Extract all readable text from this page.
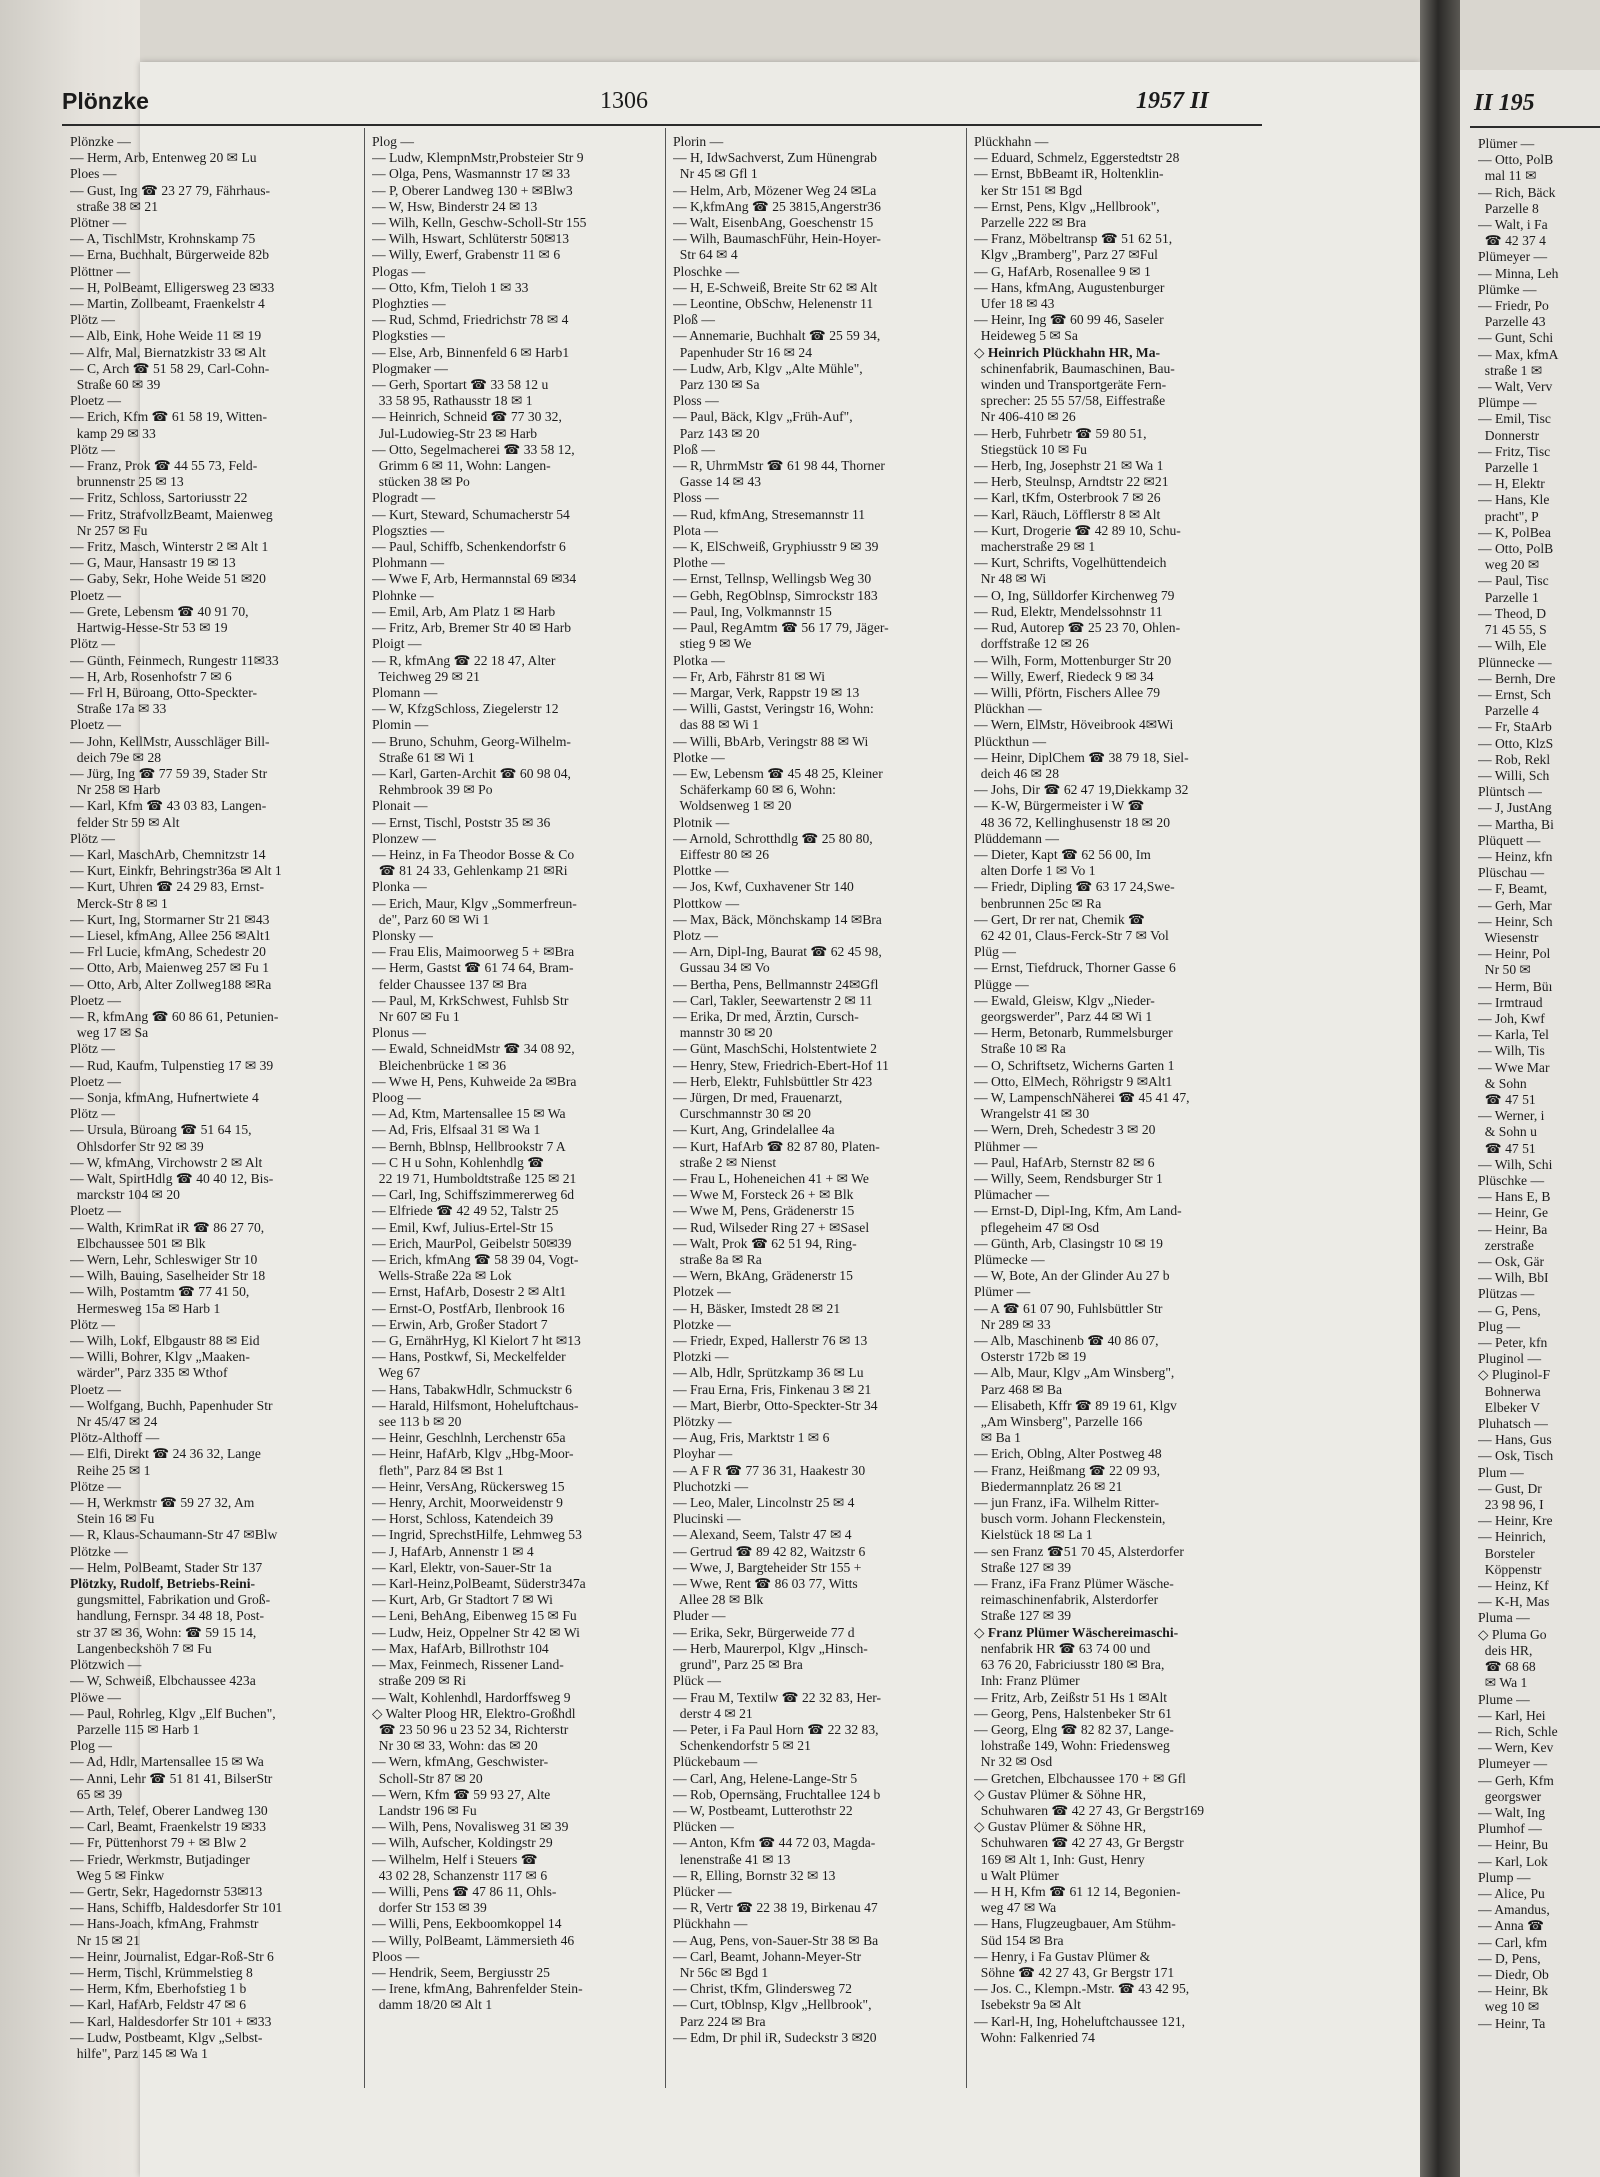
Plönzke	1306	1957 II
Plönzke —
— Herm, Arb, Entenweg 20 ✉ Lu
Ploes —
— Gust, Ing ☎ 23 27 79, Fährhaus-
straße 38 ✉ 21
Plötner —
— A, TischlMstr, Krohnskamp 75
— Erna, Buchhalt, Bürgerweide 82b
Plöttner —
— H, PolBeamt, Elligersweg 23 ✉33
— Martin, Zollbeamt, Fraenkelstr 4
Plötz —
— Alb, Eink, Hohe Weide 11 ✉ 19
— Alfr, Mal, Biernatzkistr 33 ✉ Alt
— C, Arch ☎ 51 58 29, Carl-Cohn-
Straße 60 ✉ 39
Ploetz —
— Erich, Kfm ☎ 61 58 19, Witten-
kamp 29 ✉ 33
Plötz —
— Franz, Prok ☎ 44 55 73, Feld-
brunnenstr 25 ✉ 13
— Fritz, Schloss, Sartoriusstr 22
— Fritz, StrafvollzBeamt, Maienweg
Nr 257 ✉ Fu
— Fritz, Masch, Winterstr 2 ✉ Alt 1
— G, Maur, Hansastr 19 ✉ 13
— Gaby, Sekr, Hohe Weide 51 ✉20
Ploetz —
— Grete, Lebensm ☎ 40 91 70,
Hartwig-Hesse-Str 53 ✉ 19
Plötz —
— Günth, Feinmech, Rungestr 11✉33
— H, Arb, Rosenhofstr 7 ✉ 6
— Frl H, Büroang, Otto-Speckter-
Straße 17a ✉ 33
Ploetz —
— John, KellMstr, Ausschläger Bill-
deich 79e ✉ 28
— Jürg, Ing ☎ 77 59 39, Stader Str
Nr 258 ✉ Harb
— Karl, Kfm ☎ 43 03 83, Langen-
felder Str 59 ✉ Alt
Plötz —
— Karl, MaschArb, Chemnitzstr 14
— Kurt, Einkfr, Behringstr36a ✉ Alt 1
— Kurt, Uhren ☎ 24 29 83, Ernst-
Merck-Str 8 ✉ 1
— Kurt, Ing, Stormarner Str 21 ✉43
— Liesel, kfmAng, Allee 256 ✉Alt1
— Frl Lucie, kfmAng, Schedestr 20
— Otto, Arb, Maienweg 257 ✉ Fu 1
— Otto, Arb, Alter Zollweg188 ✉Ra
Ploetz —
— R, kfmAng ☎ 60 86 61, Petunien-
weg 17 ✉ Sa
Plötz —
— Rud, Kaufm, Tulpenstieg 17 ✉ 39
Ploetz —
— Sonja, kfmAng, Hufnertwiete 4
Plötz —
— Ursula, Büroang ☎ 51 64 15,
Ohlsdorfer Str 92 ✉ 39
— W, kfmAng, Virchowstr 2 ✉ Alt
— Walt, SpirtHdlg ☎ 40 40 12, Bis-
marckstr 104 ✉ 20
Ploetz —
— Walth, KrimRat iR ☎ 86 27 70,
Elbchaussee 501 ✉ Blk
— Wern, Lehr, Schleswiger Str 10
— Wilh, Bauing, Saselheider Str 18
— Wilh, Postamtm ☎ 77 41 50,
Hermesweg 15a ✉ Harb 1
Plötz —
— Wilh, Lokf, Elbgaustr 88 ✉ Eid
— Willi, Bohrer, Klgv „Maaken-
wärder", Parz 335 ✉ Wthof
Ploetz —
— Wolfgang, Buchh, Papenhuder Str
Nr 45/47 ✉ 24
Plötz-Althoff —
— Elfi, Direkt ☎ 24 36 32, Lange
Reihe 25 ✉ 1
Plötze —
— H, Werkmstr ☎ 59 27 32, Am
Stein 16 ✉ Fu
— R, Klaus-Schaumann-Str 47 ✉Blw
Plötzke —
— Helm, PolBeamt, Stader Str 137
Plötzky, Rudolf, Betriebs-Reini-
gungsmittel, Fabrikation und Groß-
handlung, Fernspr. 34 48 18, Post-
str 37 ✉ 36, Wohn: ☎ 59 15 14,
Langenbeckshöh 7 ✉ Fu
Plötzwich —
— W, Schweiß, Elbchaussee 423a
Plöwe —
— Paul, Rohrleg, Klgv „Elf Buchen",
Parzelle 115 ✉ Harb 1
Plog —
— Ad, Hdlr, Martensallee 15 ✉ Wa
— Anni, Lehr ☎ 51 81 41, BilserStr
65 ✉ 39
— Arth, Telef, Oberer Landweg 130
— Carl, Beamt, Fraenkelstr 19 ✉33
— Fr, Püttenhorst 79 + ✉ Blw 2
— Friedr, Werkmstr, Butjadinger
Weg 5 ✉ Finkw
— Gertr, Sekr, Hagedornstr 53✉13
— Hans, Schiffb, Haldesdorfer Str 101
— Hans-Joach, kfmAng, Frahmstr
Nr 15 ✉ 21
— Heinr, Journalist, Edgar-Roß-Str 6
— Herm, Tischl, Krümmelstieg 8
— Herm, Kfm, Eberhofstieg 1 b
— Karl, HafArb, Feldstr 47 ✉ 6
— Karl, Haldesdorfer Str 101 + ✉33
— Ludw, Postbeamt, Klgv „Selbst-
hilfe", Parz 145 ✉ Wa 1
Plog —
— Ludw, KlempnMstr,Probsteier Str 9
— Olga, Pens, Wasmannstr 17 ✉ 33
— P, Oberer Landweg 130 + ✉Blw3
— W, Hsw, Binderstr 24 ✉ 13
— Wilh, Kelln, Geschw-Scholl-Str 155
— Wilh, Hswart, Schlüterstr 50✉13
— Willy, Ewerf, Grabenstr 11 ✉ 6
Plogas —
— Otto, Kfm, Tieloh 1 ✉ 33
Ploghzties —
— Rud, Schmd, Friedrichstr 78 ✉ 4
Plogksties —
— Else, Arb, Binnenfeld 6 ✉ Harb1
Plogmaker —
— Gerh, Sportart ☎ 33 58 12 u
33 58 95, Rathausstr 18 ✉ 1
— Heinrich, Schneid ☎ 77 30 32,
Jul-Ludowieg-Str 23 ✉ Harb
— Otto, Segelmacherei ☎ 33 58 12,
Grimm 6 ✉ 11, Wohn: Langen-
stücken 38 ✉ Po
Plogradt —
— Kurt, Steward, Schumacherstr 54
Plogszties —
— Paul, Schiffb, Schenkendorfstr 6
Plohmann —
— Wwe F, Arb, Hermannstal 69 ✉34
Plohnke —
— Emil, Arb, Am Platz 1 ✉ Harb
— Fritz, Arb, Bremer Str 40 ✉ Harb
Ploigt —
— R, kfmAng ☎ 22 18 47, Alter
Teichweg 29 ✉ 21
Plomann —
— W, KfzgSchloss, Ziegelerstr 12
Plomin —
— Bruno, Schuhm, Georg-Wilhelm-
Straße 61 ✉ Wi 1
— Karl, Garten-Archit ☎ 60 98 04,
Rehmbrook 39 ✉ Po
Plonait —
— Ernst, Tischl, Poststr 35 ✉ 36
Plonzew —
— Heinz, in Fa Theodor Bosse & Co
☎ 81 24 33, Gehlenkamp 21 ✉Ri
Plonka —
— Erich, Maur, Klgv „Sommerfreun-
de", Parz 60 ✉ Wi 1
Plonsky —
— Frau Elis, Maimoorweg 5 + ✉Bra
— Herm, Gastst ☎ 61 74 64, Bram-
felder Chaussee 137 ✉ Bra
— Paul, M, KrkSchwest, Fuhlsb Str
Nr 607 ✉ Fu 1
Plonus —
— Ewald, SchneidMstr ☎ 34 08 92,
Bleichenbrücke 1 ✉ 36
— Wwe H, Pens, Kuhweide 2a ✉Bra
Ploog —
— Ad, Ktm, Martensallee 15 ✉ Wa
— Ad, Fris, Elfsaal 31 ✉ Wa 1
— Bernh, Bblnsp, Hellbrookstr 7 A
— C H u Sohn, Kohlenhdlg ☎
22 19 71, Humboldtstraße 125 ✉ 21
— Carl, Ing, Schiffszimmererweg 6d
— Elfriede ☎ 42 49 52, Talstr 25
— Emil, Kwf, Julius-Ertel-Str 15
— Erich, MaurPol, Geibelstr 50✉39
— Erich, kfmAng ☎ 58 39 04, Vogt-
Wells-Straße 22a ✉ Lok
— Ernst, HafArb, Dosestr 2 ✉ Alt1
— Ernst-O, PostfArb, Ilenbrook 16
— Erwin, Arb, Großer Stadort 7
— G, ErnährHyg, Kl Kielort 7 ht ✉13
— Hans, Postkwf, Si, Meckelfelder
Weg 67
— Hans, TabakwHdlr, Schmuckstr 6
— Harald, Hilfsmont, Hoheluftchaus-
see 113 b ✉ 20
— Heinr, Geschlnh, Lerchenstr 65a
— Heinr, HafArb, Klgv „Hbg-Moor-
fleth", Parz 84 ✉ Bst 1
— Heinr, VersAng, Rückersweg 15
— Henry, Archit, Moorweidenstr 9
— Horst, Schloss, Katendeich 39
— Ingrid, SprechstHilfe, Lehmweg 53
— J, HafArb, Annenstr 1 ✉ 4
— Karl, Elektr, von-Sauer-Str 1a
— Karl-Heinz,PolBeamt, Süderstr347a
— Kurt, Arb, Gr Stadtort 7 ✉ Wi
— Leni, BehAng, Eibenweg 15 ✉ Fu
— Ludw, Heiz, Oppelner Str 42 ✉ Wi
— Max, HafArb, Billrothstr 104
— Max, Feinmech, Rissener Land-
straße 209 ✉ Ri
— Walt, Kohlenhdl, Hardorffsweg 9
◇ Walter Ploog HR, Elektro-Großhdl
☎ 23 50 96 u 23 52 34, Richterstr
Nr 30 ✉ 33, Wohn: das ✉ 20
— Wern, kfmAng, Geschwister-
Scholl-Str 87 ✉ 20
— Wern, Kfm ☎ 59 93 27, Alte
Landstr 196 ✉ Fu
— Wilh, Pens, Novalisweg 31 ✉ 39
— Wilh, Aufscher, Koldingstr 29
— Wilhelm, Helf i Steuers ☎
43 02 28, Schanzenstr 117 ✉ 6
— Willi, Pens ☎ 47 86 11, Ohls-
dorfer Str 153 ✉ 39
— Willi, Pens, Eekboomkoppel 14
— Willy, PolBeamt, Lämmersieth 46
Ploos —
— Hendrik, Seem, Bergiusstr 25
— Irene, kfmAng, Bahrenfelder Stein-
damm 18/20 ✉ Alt 1
Plorin —
— H, IdwSachverst, Zum Hünengrab
Nr 45 ✉ Gfl 1
— Helm, Arb, Mözener Weg 24 ✉La
— K,kfmAng ☎ 25 3815,Angerstr36
— Walt, EisenbAng, Goeschenstr 15
— Wilh, BaumaschFühr, Hein-Hoyer-
Str 64 ✉ 4
Ploschke —
— H, E-Schweiß, Breite Str 62 ✉ Alt
— Leontine, ObSchw, Helenenstr 11
Ploß —
— Annemarie, Buchhalt ☎ 25 59 34,
Papenhuder Str 16 ✉ 24
— Ludw, Arb, Klgv „Alte Mühle",
Parz 130 ✉ Sa
Ploss —
— Paul, Bäck, Klgv „Früh-Auf",
Parz 143 ✉ 20
Ploß —
— R, UhrmMstr ☎ 61 98 44, Thorner
Gasse 14 ✉ 43
Ploss —
— Rud, kfmAng, Stresemannstr 11
Plota —
— K, ElSchweiß, Gryphiusstr 9 ✉ 39
Plothe —
— Ernst, Tellnsp, Wellingsb Weg 30
— Gebh, RegOblnsp, Simrockstr 183
— Paul, Ing, Volkmannstr 15
— Paul, RegAmtm ☎ 56 17 79, Jäger-
stieg 9 ✉ We
Plotka —
— Fr, Arb, Fährstr 81 ✉ Wi
— Margar, Verk, Rappstr 19 ✉ 13
— Willi, Gastst, Veringstr 16, Wohn:
das 88 ✉ Wi 1
— Willi, BbArb, Veringstr 88 ✉ Wi
Plotke —
— Ew, Lebensm ☎ 45 48 25, Kleiner
Schäferkamp 60 ✉ 6, Wohn:
Woldsenweg 1 ✉ 20
Plotnik —
— Arnold, Schrotthdlg ☎ 25 80 80,
Eiffestr 80 ✉ 26
Plottke —
— Jos, Kwf, Cuxhavener Str 140
Plottkow —
— Max, Bäck, Mönchskamp 14 ✉Bra
Plotz —
— Arn, Dipl-Ing, Baurat ☎ 62 45 98,
Gussau 34 ✉ Vo
— Bertha, Pens, Bellmannstr 24✉Gfl
— Carl, Takler, Seewartenstr 2 ✉ 11
— Erika, Dr med, Ärztin, Cursch-
mannstr 30 ✉ 20
— Günt, MaschSchi, Holstentwiete 2
— Henry, Stew, Friedrich-Ebert-Hof 11
— Herb, Elektr, Fuhlsbüttler Str 423
— Jürgen, Dr med, Frauenarzt,
Curschmannstr 30 ✉ 20
— Kurt, Ang, Grindelallee 4a
— Kurt, HafArb ☎ 82 87 80, Platen-
straße 2 ✉ Nienst
— Frau L, Hoheneichen 41 + ✉ We
— Wwe M, Forsteck 26 + ✉ Blk
— Wwe M, Pens, Grädenerstr 15
— Rud, Wilseder Ring 27 + ✉Sasel
— Walt, Prok ☎ 62 51 94, Ring-
straße 8a ✉ Ra
— Wern, BkAng, Grädenerstr 15
Plotzek —
— H, Bäsker, Imstedt 28 ✉ 21
Plotzke —
— Friedr, Exped, Hallerstr 76 ✉ 13
Plotzki —
— Alb, Hdlr, Sprützkamp 36 ✉ Lu
— Frau Erna, Fris, Finkenau 3 ✉ 21
— Mart, Bierbr, Otto-Speckter-Str 34
Plötzky —
— Aug, Fris, Marktstr 1 ✉ 6
Ployhar —
— A F R ☎ 77 36 31, Haakestr 30
Pluchotzki —
— Leo, Maler, Lincolnstr 25 ✉ 4
Plucinski —
— Alexand, Seem, Talstr 47 ✉ 4
— Gertrud ☎ 89 42 82, Waitzstr 6
— Wwe, J, Bargteheider Str 155 +
— Wwe, Rent ☎ 86 03 77, Witts
Allee 28 ✉ Blk
Pluder —
— Erika, Sekr, Bürgerweide 77 d
— Herb, Maurerpol, Klgv „Hinsch-
grund", Parz 25 ✉ Bra
Plück —
— Frau M, Textilw ☎ 22 32 83, Her-
derstr 4 ✉ 21
— Peter, i Fa Paul Horn ☎ 22 32 83,
Schenkendorfstr 5 ✉ 21
Plückebaum —
— Carl, Ang, Helene-Lange-Str 5
— Rob, Opernsäng, Fruchtallee 124 b
— W, Postbeamt, Lutterothstr 22
Plücken —
— Anton, Kfm ☎ 44 72 03, Magda-
lenenstraße 41 ✉ 13
— R, Elling, Bornstr 32 ✉ 13
Plücker —
— R, Vertr ☎ 22 38 19, Birkenau 47
Plückhahn —
— Aug, Pens, von-Sauer-Str 38 ✉ Ba
— Carl, Beamt, Johann-Meyer-Str
Nr 56c ✉ Bgd 1
— Christ, tKfm, Glindersweg 72
— Curt, tOblnsp, Klgv „Hellbrook",
Parz 224 ✉ Bra
— Edm, Dr phil iR, Sudeckstr 3 ✉20
Plückhahn —
— Eduard, Schmelz, Eggerstedtstr 28
— Ernst, BbBeamt iR, Holtenklin-
ker Str 151 ✉ Bgd
— Ernst, Pens, Klgv „Hellbrook",
Parzelle 222 ✉ Bra
— Franz, Möbeltransp ☎ 51 62 51,
Klgv „Bramberg", Parz 27 ✉Ful
— G, HafArb, Rosenallee 9 ✉ 1
— Hans, kfmAng, Augustenburger
Ufer 18 ✉ 43
— Heinr, Ing ☎ 60 99 46, Saseler
Heideweg 5 ✉ Sa
◇ Heinrich Plückhahn HR, Ma-
schinenfabrik, Baumaschinen, Bau-
winden und Transportgeräte Fern-
sprecher: 25 55 57/58, Eiffestraße
Nr 406-410 ✉ 26
— Herb, Fuhrbetr ☎ 59 80 51,
Stiegstück 10 ✉ Fu
— Herb, Ing, Josephstr 21 ✉ Wa 1
— Herb, Steulnsp, Arndtstr 22 ✉21
— Karl, tKfm, Osterbrook 7 ✉ 26
— Karl, Räuch, Löfflerstr 8 ✉ Alt
— Kurt, Drogerie ☎ 42 89 10, Schu-
macherstraße 29 ✉ 1
— Kurt, Schrifts, Vogelhüttendeich
Nr 48 ✉ Wi
— O, Ing, Sülldorfer Kirchenweg 79
— Rud, Elektr, Mendelssohnstr 11
— Rud, Autorep ☎ 25 23 70, Ohlen-
dorffstraße 12 ✉ 26
— Wilh, Form, Mottenburger Str 20
— Willy, Ewerf, Riedeck 9 ✉ 34
— Willi, Pförtn, Fischers Allee 79
Plückhan —
— Wern, ElMstr, Höveibrook 4✉Wi
Plückthun —
— Heinr, DiplChem ☎ 38 79 18, Siel-
deich 46 ✉ 28
— Johs, Dir ☎ 62 47 19,Diekkamp 32
— K-W, Bürgermeister i W ☎
48 36 72, Kellinghusenstr 18 ✉ 20
Plüddemann —
— Dieter, Kapt ☎ 62 56 00, Im
alten Dorfe 1 ✉ Vo 1
— Friedr, Dipling ☎ 63 17 24,Swe-
benbrunnen 25c ✉ Ra
— Gert, Dr rer nat, Chemik ☎
62 42 01, Claus-Ferck-Str 7 ✉ Vol
Plüg —
— Ernst, Tiefdruck, Thorner Gasse 6
Plügge —
— Ewald, Gleisw, Klgv „Nieder-
georgswerder", Parz 44 ✉ Wi 1
— Herm, Betonarb, Rummelsburger
Straße 10 ✉ Ra
— O, Schriftsetz, Wicherns Garten 1
— Otto, ElMech, Röhrigstr 9 ✉Alt1
— W, LampenschNäherei ☎ 45 41 47,
Wrangelstr 41 ✉ 30
— Wern, Dreh, Schedestr 3 ✉ 20
Plühmer —
— Paul, HafArb, Sternstr 82 ✉ 6
— Willy, Seem, Rendsburger Str 1
Plümacher —
— Ernst-D, Dipl-Ing, Kfm, Am Land-
pflegeheim 47 ✉ Osd
— Günth, Arb, Clasingstr 10 ✉ 19
Plümecke —
— W, Bote, An der Glinder Au 27 b
Plümer —
— A ☎ 61 07 90, Fuhlsbüttler Str
Nr 289 ✉ 33
— Alb, Maschinenb ☎ 40 86 07,
Osterstr 172b ✉ 19
— Alb, Maur, Klgv „Am Winsberg",
Parz 468 ✉ Ba
— Elisabeth, Kffr ☎ 89 19 61, Klgv
„Am Winsberg", Parzelle 166
✉ Ba 1
— Erich, Oblng, Alter Postweg 48
— Franz, Heißmang ☎ 22 09 93,
Biedermannplatz 26 ✉ 21
— jun Franz, iFa. Wilhelm Ritter-
busch vorm. Johann Fleckenstein,
Kielstück 18 ✉ La 1
— sen Franz ☎51 70 45, Alsterdorfer
Straße 127 ✉ 39
— Franz, iFa Franz Plümer Wäsche-
reimaschinenfabrik, Alsterdorfer
Straße 127 ✉ 39
◇ Franz Plümer Wäschereimaschi-
nenfabrik HR ☎ 63 74 00 und
63 76 20, Fabriciusstr 180 ✉ Bra,
Inh: Franz Plümer
— Fritz, Arb, Zeißstr 51 Hs 1 ✉Alt
— Georg, Pens, Halstenbeker Str 61
— Georg, Elng ☎ 82 82 37, Lange-
lohstraße 149, Wohn: Friedensweg
Nr 32 ✉ Osd
— Gretchen, Elbchaussee 170 + ✉ Gfl
◇ Gustav Plümer & Söhne HR,
Schuhwaren ☎ 42 27 43, Gr Bergstr169
◇ Gustav Plümer & Söhne HR,
Schuhwaren ☎ 42 27 43, Gr Bergstr
169 ✉ Alt 1, Inh: Gust, Henry
u Walt Plümer
— H H, Kfm ☎ 61 12 14, Begonien-
weg 47 ✉ Wa
— Hans, Flugzeugbauer, Am Stühm-
Süd 154 ✉ Bra
— Henry, i Fa Gustav Plümer &
Söhne ☎ 42 27 43, Gr Bergstr 171
— Jos. C., Klempn.-Mstr. ☎ 43 42 95,
Isebekstr 9a ✉ Alt
— Karl-H, Ing, Hoheluftchaussee 121,
Wohn: Falkenried 74
II 195
Plümer —
— Otto, PolB
mal 11 ✉
— Rich, Bäck
Parzelle 8
— Walt, i Fa
☎ 42 37 4
Plümeyer —
— Minna, Leh
Plümke —
— Friedr, Po
Parzelle 43
— Gunt, Schi
— Max, kfmA
straße 1 ✉
— Walt, Verv
Plümpe —
— Emil, Tisc
Donnerstr
— Fritz, Tisc
Parzelle 1
— H, Elektr
— Hans, Kle
pracht", P
— K, PolBea
— Otto, PolB
weg 20 ✉
— Paul, Tisc
Parzelle 1
— Theod, D
71 45 55, S
— Wilh, Ele
Plünnecke —
— Bernh, Dre
— Ernst, Sch
Parzelle 4
— Fr, StaArb
— Otto, KlzS
— Rob, Rekl
— Willi, Sch
Plüntsch —
— J, JustAng
— Martha, Bi
Plüquett —
— Heinz, kfn
Plüschau —
— F, Beamt,
— Gerh, Mar
— Heinr, Sch
Wiesenstr
— Heinr, Pol
Nr 50 ✉
— Herm, Büı
— Irmtraud
— Joh, Kwf
— Karla, Tel
— Wilh, Tis
— Wwe Mar
& Sohn
☎ 47 51
— Werner, i
& Sohn u
☎ 47 51
— Wilh, Schi
Plüschke —
— Hans E, B
— Heinr, Ge
— Heinr, Ba
zerstraße
— Osk, Gär
— Wilh, BbI
Plützas —
— G, Pens,
Plug —
— Peter, kfn
Pluginol —
◇ Pluginol-F
Bohnerwa
Elbeker V
Pluhatsch —
— Hans, Gus
— Osk, Tisch
Plum —
— Gust, Dr
23 98 96, I
— Heinr, Kre
— Heinrich,
Borsteler
Köppenstr
— Heinz, Kf
— K-H, Mas
Pluma —
◇ Pluma Go
deis HR,
☎ 68 68
✉ Wa 1
Plume —
— Karl, Hei
— Rich, Schle
— Wern, Kev
Plumeyer —
— Gerh, Kfm
georgswer
— Walt, Ing
Plumhof —
— Heinr, Bu
— Karl, Lok
Plump —
— Alice, Pu
— Amandus,
— Anna ☎
— Carl, kfm
— D, Pens,
— Diedr, Ob
— Heinr, Bk
weg 10 ✉
— Heinr, Ta
